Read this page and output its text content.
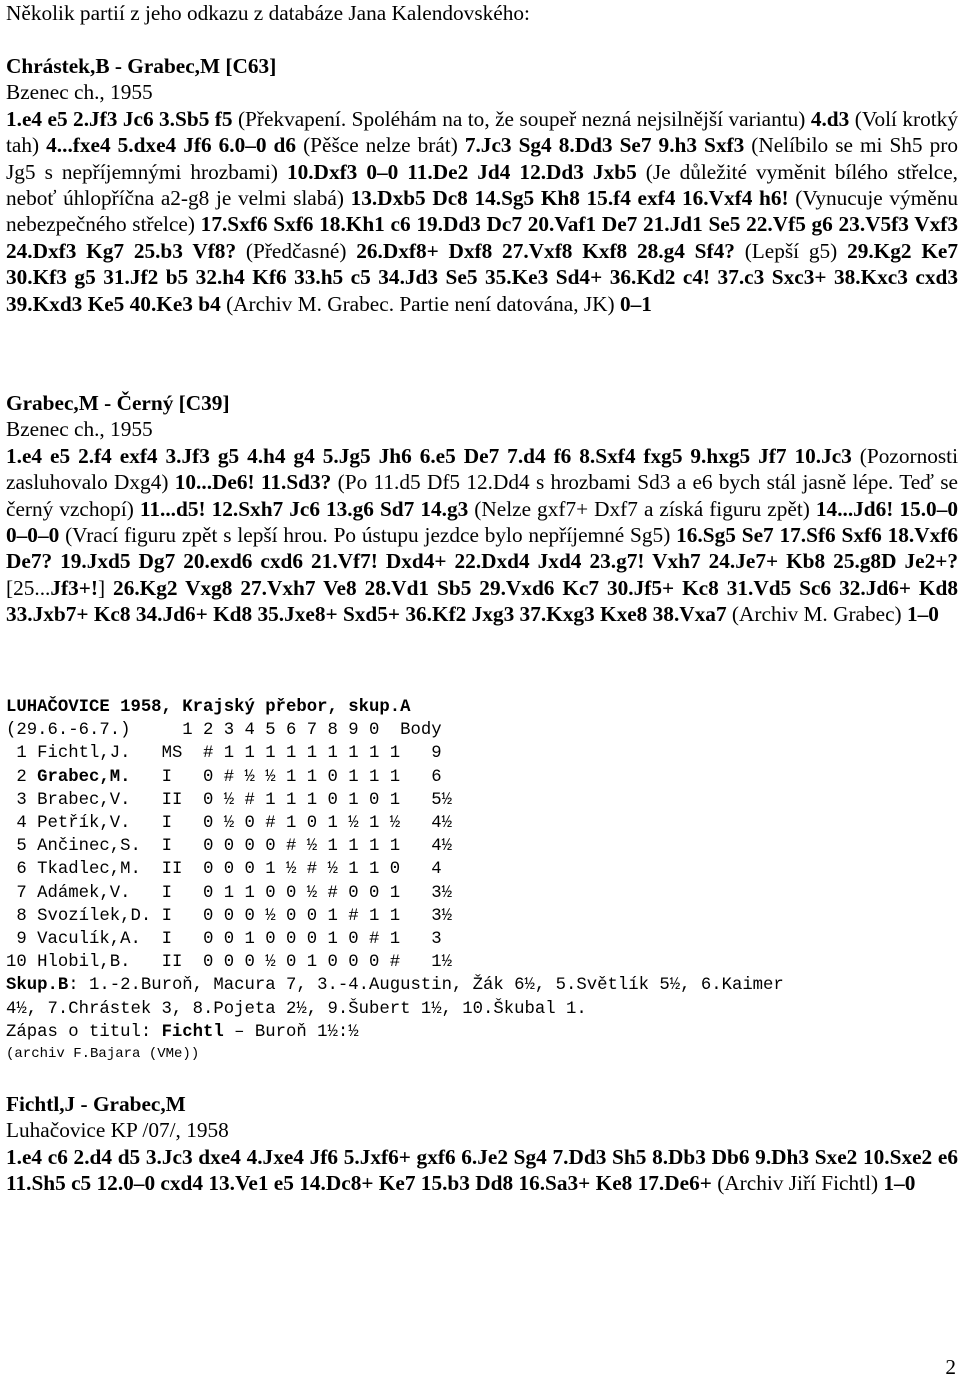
Několik partií z jeho odkazu z databáze Jana Kalendovského:

Chrástek,B - Grabec,M [C63]

Bzenec ch., 1955

1.e4 e5 2.Jf3 Jc6 3.Sb5 f5 (Překvapení. Spoléhám na to, že soupeř nezná nejsilnější variantu) 4.d3 (Volí krotký tah) 4...fxe4 5.dxe4 Jf6 6.0–0 d6 (Pěšce nelze brát) 7.Jc3 Sg4 8.Dd3 Se7 9.h3 Sxf3 (Nelíbilo se mi Sh5 pro Jg5 s nepříjemnými hrozbami) 10.Dxf3 0–0 11.De2 Jd4 12.Dd3 Jxb5 (Je důležité vyměnit bílého střelce, neboť úhlopříčna a2-g8 je velmi slabá) 13.Dxb5 Dc8 14.Sg5 Kh8 15.f4 exf4 16.Vxf4 h6! (Vynucuje výměnu nebezpečného střelce) 17.Sxf6 Sxf6 18.Kh1 c6 19.Dd3 Dc7 20.Vaf1 De7 21.Jd1 Se5 22.Vf5 g6 23.V5f3 Vxf3 24.Dxf3 Kg7 25.b3 Vf8? (Předčasné) 26.Dxf8+ Dxf8 27.Vxf8 Kxf8 28.g4 Sf4? (Lepší g5) 29.Kg2 Ke7 30.Kf3 g5 31.Jf2 b5 32.h4 Kf6 33.h5 c5 34.Jd3 Se5 35.Ke3 Sd4+ 36.Kd2 c4! 37.c3 Sxc3+ 38.Kxc3 cxd3 39.Kxd3 Ke5 40.Ke3 b4 (Archiv M. Grabec. Partie není datována, JK) 0–1

Grabec,M - Černý [C39]

Bzenec ch., 1955

1.e4 e5 2.f4 exf4 3.Jf3 g5 4.h4 g4 5.Jg5 Jh6 6.e5 De7 7.d4 f6 8.Sxf4 fxg5 9.hxg5 Jf7 10.Jc3 (Pozornosti zasluhovalo Dxg4) 10...De6! 11.Sd3? (Po 11.d5 Df5 12.Dd4 s hrozbami Sd3 a e6 bych stál jasně lépe. Teď se černý vzchopí) 11...d5! 12.Sxh7 Jc6 13.g6 Sd7 14.g3 (Nelze gxf7+ Dxf7 a získá figuru zpět) 14...Jd6! 15.0–0 0–0–0 (Vrací figuru zpět s lepší hrou. Po ústupu jezdce bylo nepříjemné Sg5) 16.Sg5 Se7 17.Sf6 Sxf6 18.Vxf6 De7? 19.Jxd5 Dg7 20.exd6 cxd6 21.Vf7! Dxd4+ 22.Dxd4 Jxd4 23.g7! Vxh7 24.Je7+ Kb8 25.g8D Je2+? [25...Jf3+!] 26.Kg2 Vxg8 27.Vxh7 Ve8 28.Vd1 Sb5 29.Vxd6 Kc7 30.Jf5+ Kc8 31.Vd5 Sc6 32.Jd6+ Kd8 33.Jxb7+ Kc8 34.Jd6+ Kd8 35.Jxe8+ Sxd5+ 36.Kf2 Jxg3 37.Kxg3 Kxe8 38.Vxa7 (Archiv M. Grabec) 1–0

LUHAČOVICE 1958, Krajský přebor, skup.A
(29.6.-6.7.)     1 2 3 4 5 6 7 8 9 0  Body
1 Fichtl,J.   MS  # 1 1 1 1 1 1 1 1 1   9
2 Grabec,M.   I   0 # ½ ½ 1 1 0 1 1 1   6
3 Brabec,V.   II  0 ½ # 1 1 1 0 1 0 1   5½
4 Petřík,V.   I   0 ½ 0 # 1 0 1 ½ 1 ½   4½
5 Ančinec,S.  I   0 0 0 0 # ½ 1 1 1 1   4½
6 Tkadlec,M.  II  0 0 0 1 ½ # ½ 1 1 0   4
7 Adámek,V.   I   0 1 1 0 0 ½ # 0 0 1   3½
8 Svozílek,D. I   0 0 0 ½ 0 0 1 # 1 1   3½
9 Vaculík,A.  I   0 0 1 0 0 0 1 0 # 1   3
10 Hlobil,B.   II  0 0 0 ½ 0 1 0 0 0 #   1½
Skup.B: 1.-2.Buroň, Macura 7, 3.-4.Augustin, Žák 6½, 5.Světlík 5½, 6.Kaimer
4½, 7.Chrástek 3, 8.Pojeta 2½, 9.Šubert 1½, 10.Škubal 1.
Zápas o titul: Fichtl – Buroň 1½:½
(archiv F.Bajara (VMe))

Fichtl,J - Grabec,M

Luhačovice KP /07/, 1958

1.e4 c6 2.d4 d5 3.Jc3 dxe4 4.Jxe4 Jf6 5.Jxf6+ gxf6 6.Je2 Sg4 7.Dd3 Sh5 8.Db3 Db6 9.Dh3 Sxe2 10.Sxe2 e6 11.Sh5 c5 12.0–0 cxd4 13.Ve1 e5 14.Dc8+ Ke7 15.b3 Dd8 16.Sa3+ Ke8 17.De6+ (Archiv Jiří Fichtl) 1–0

2
